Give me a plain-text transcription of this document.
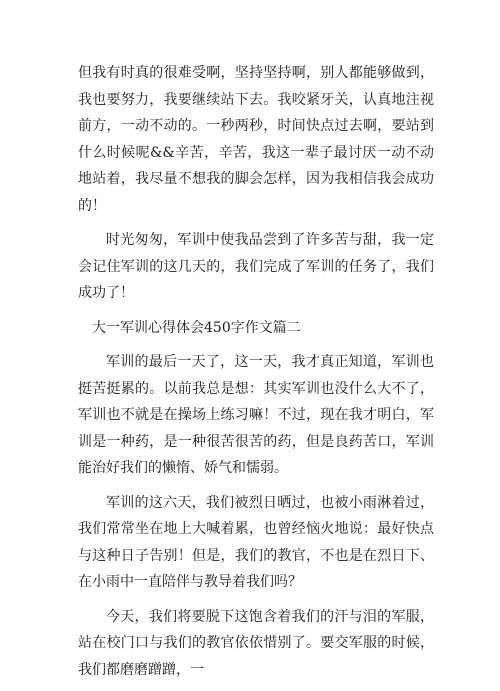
但我有时真的很难受啊，坚持坚持啊，别人都能够做到，我也要努力，我要继续站下去。我咬紧牙关，认真地注视前方，一动不动的。一秒两秒，时间快点过去啊，要站到什么时候呢&&辛苦，辛苦，我这一辈子最讨厌一动不动地站着，我尽量不想我的脚会怎样，因为我相信我会成功的！

时光匆匆，军训中使我品尝到了许多苦与甜，我一定会记住军训的这几天的，我们完成了军训的任务了，我们成功了！

大一军训心得体会450字作文篇二

军训的最后一天了，这一天，我才真正知道，军训也挺苦挺累的。以前我总是想：其实军训也没什么大不了，军训也不就是在操场上练习嘛！不过，现在我才明白，军训是一种药，是一种很苦很苦的药，但是良药苦口，军训能治好我们的懒惰、娇气和懦弱。

军训的这六天，我们被烈日晒过，也被小雨淋着过，我们常常坐在地上大喊着累，也曾经恼火地说：最好快点与这种日子告别！但是，我们的教官，不也是在烈日下、在小雨中一直陪伴与教导着我们吗？

今天，我们将要脱下这饱含着我们的汗与泪的军服，站在校门口与我们的教官依依惜别了。要交军服的时候，我们都磨磨蹭蹭，一
